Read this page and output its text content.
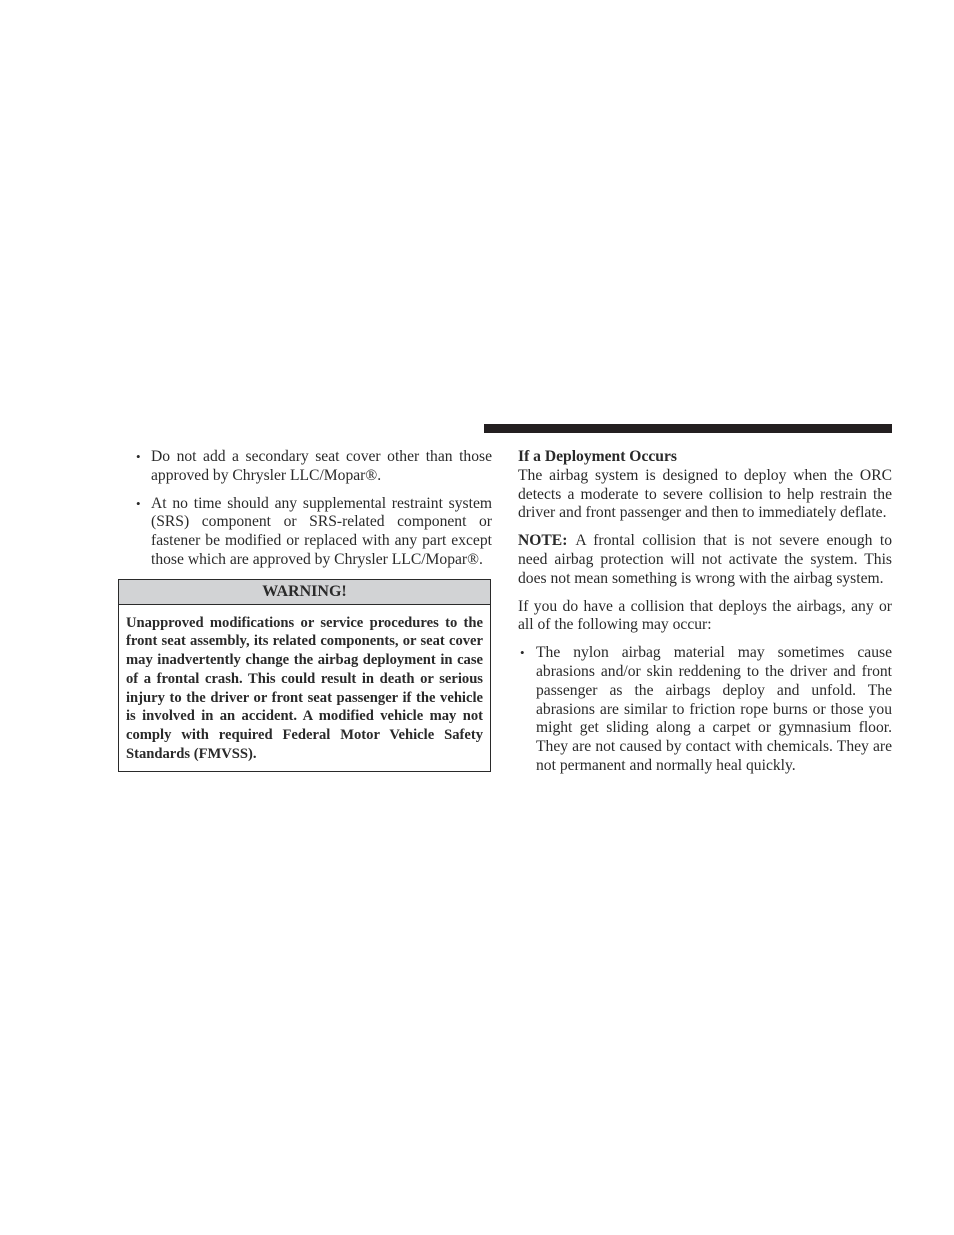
• Do not add a secondary seat cover other than those approved by Chrysler LLC/Mopar®.
• At no time should any supplemental restraint system (SRS) component or SRS-related component or fastener be modified or replaced with any part except those which are approved by Chrysler LLC/Mopar®.
WARNING!
Unapproved modifications or service procedures to the front seat assembly, its related components, or seat cover may inadvertently change the airbag deployment in case of a frontal crash. This could result in death or serious injury to the driver or front seat passenger if the vehicle is involved in an accident. A modified vehicle may not comply with required Federal Motor Vehicle Safety Standards (FMVSS).

If a Deployment Occurs

The airbag system is designed to deploy when the ORC detects a moderate to severe collision to help restrain the driver and front passenger and then to immediately deflate.

NOTE: A frontal collision that is not severe enough to need airbag protection will not activate the system. This does not mean something is wrong with the airbag system.

If you do have a collision that deploys the airbags, any or all of the following may occur:

• The nylon airbag material may sometimes cause abrasions and/or skin reddening to the driver and front passenger as the airbags deploy and unfold. The abrasions are similar to friction rope burns or those you might get sliding along a carpet or gymnasium floor. They are not caused by contact with chemicals. They are not permanent and normally heal quickly.
